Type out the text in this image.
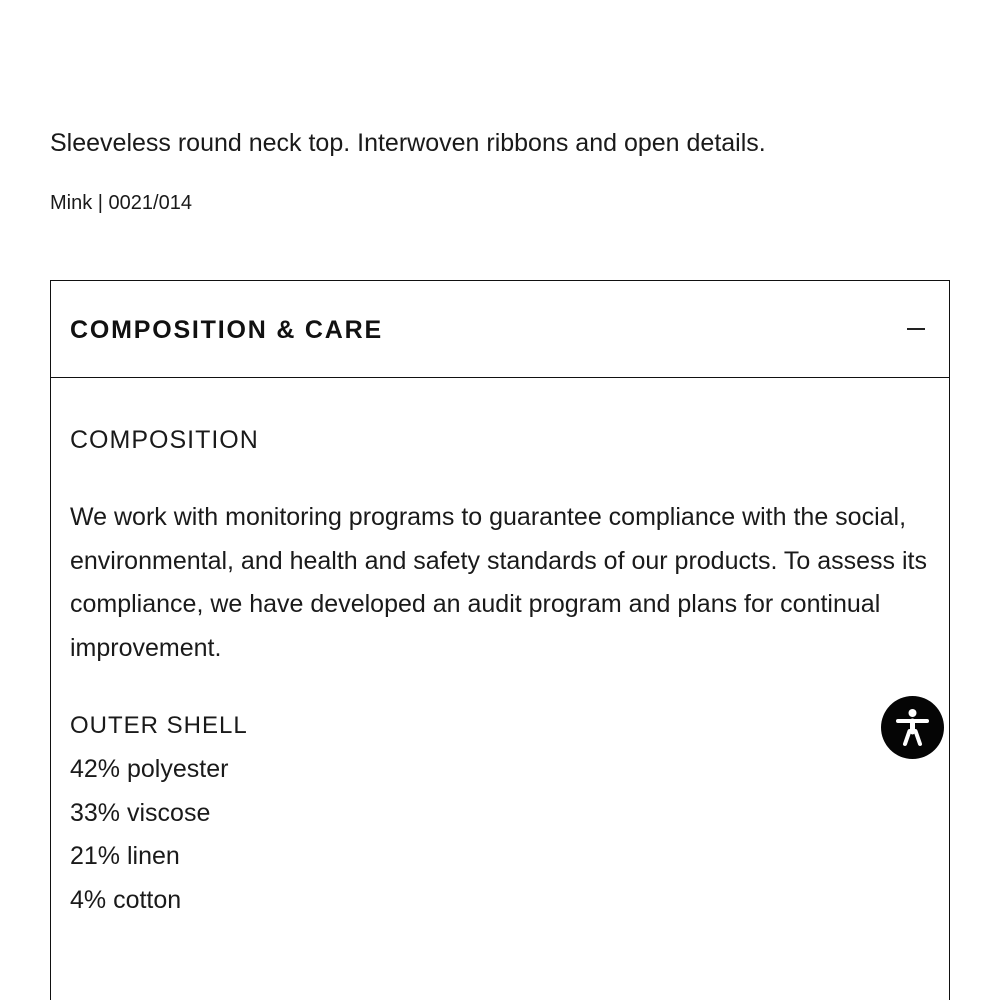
Sleeveless round neck top. Interwoven ribbons and open details.
Mink | 0021/014
COMPOSITION & CARE
COMPOSITION
We work with monitoring programs to guarantee compliance with the social, environmental, and health and safety standards of our products. To assess its compliance, we have developed an audit program and plans for continual improvement.
OUTER SHELL
42% polyester
33% viscose
21% linen
4% cotton
